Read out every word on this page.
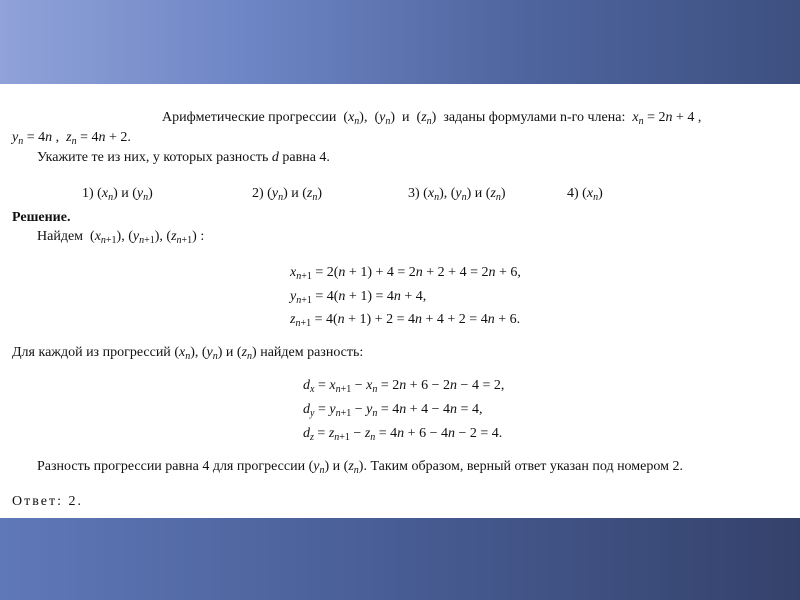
Арифметические прогрессии  $(x_n)$,  $(y_n)$  и  $(z_n)$  заданы формулами n-го члена: $x_n = 2n + 4$ ,
$y_n = 4n$ ,  $z_n = 4n + 2$.
Укажите те из них, у которых разность d равна 4.
1) $(x_n)$ и $(y_n)$	2) $(y_n)$ и $(z_n)$	3) $(x_n)$, $(y_n)$ и $(z_n)$	4) $(x_n)$
Решение.
Найдем  $(x_{n+1})$, $(y_{n+1})$, $(z_{n+1})$ :
$x_{n+1} = 2(n + 1) + 4 = 2n + 2 + 4 = 2n + 6$,
$y_{n+1} = 4(n + 1) = 4n + 4$,
$z_{n+1} = 4(n + 1) + 2 = 4n + 4 + 2 = 4n + 6$.
Для каждой из прогрессий $(x_n)$, $(y_n)$ и $(z_n)$ найдем разность:
$d_x = x_{n+1} - x_n = 2n + 6 - 2n - 4 = 2$,
$d_y = y_{n+1} - y_n = 4n + 4 - 4n = 4$,
$d_z = z_{n+1} - z_n = 4n + 6 - 4n - 2 = 4$.
Разность прогрессии равна 4 для прогрессии $(y_n)$ и $(z_n)$. Таким образом, верный ответ указан под номером 2.
Ответ: 2.
